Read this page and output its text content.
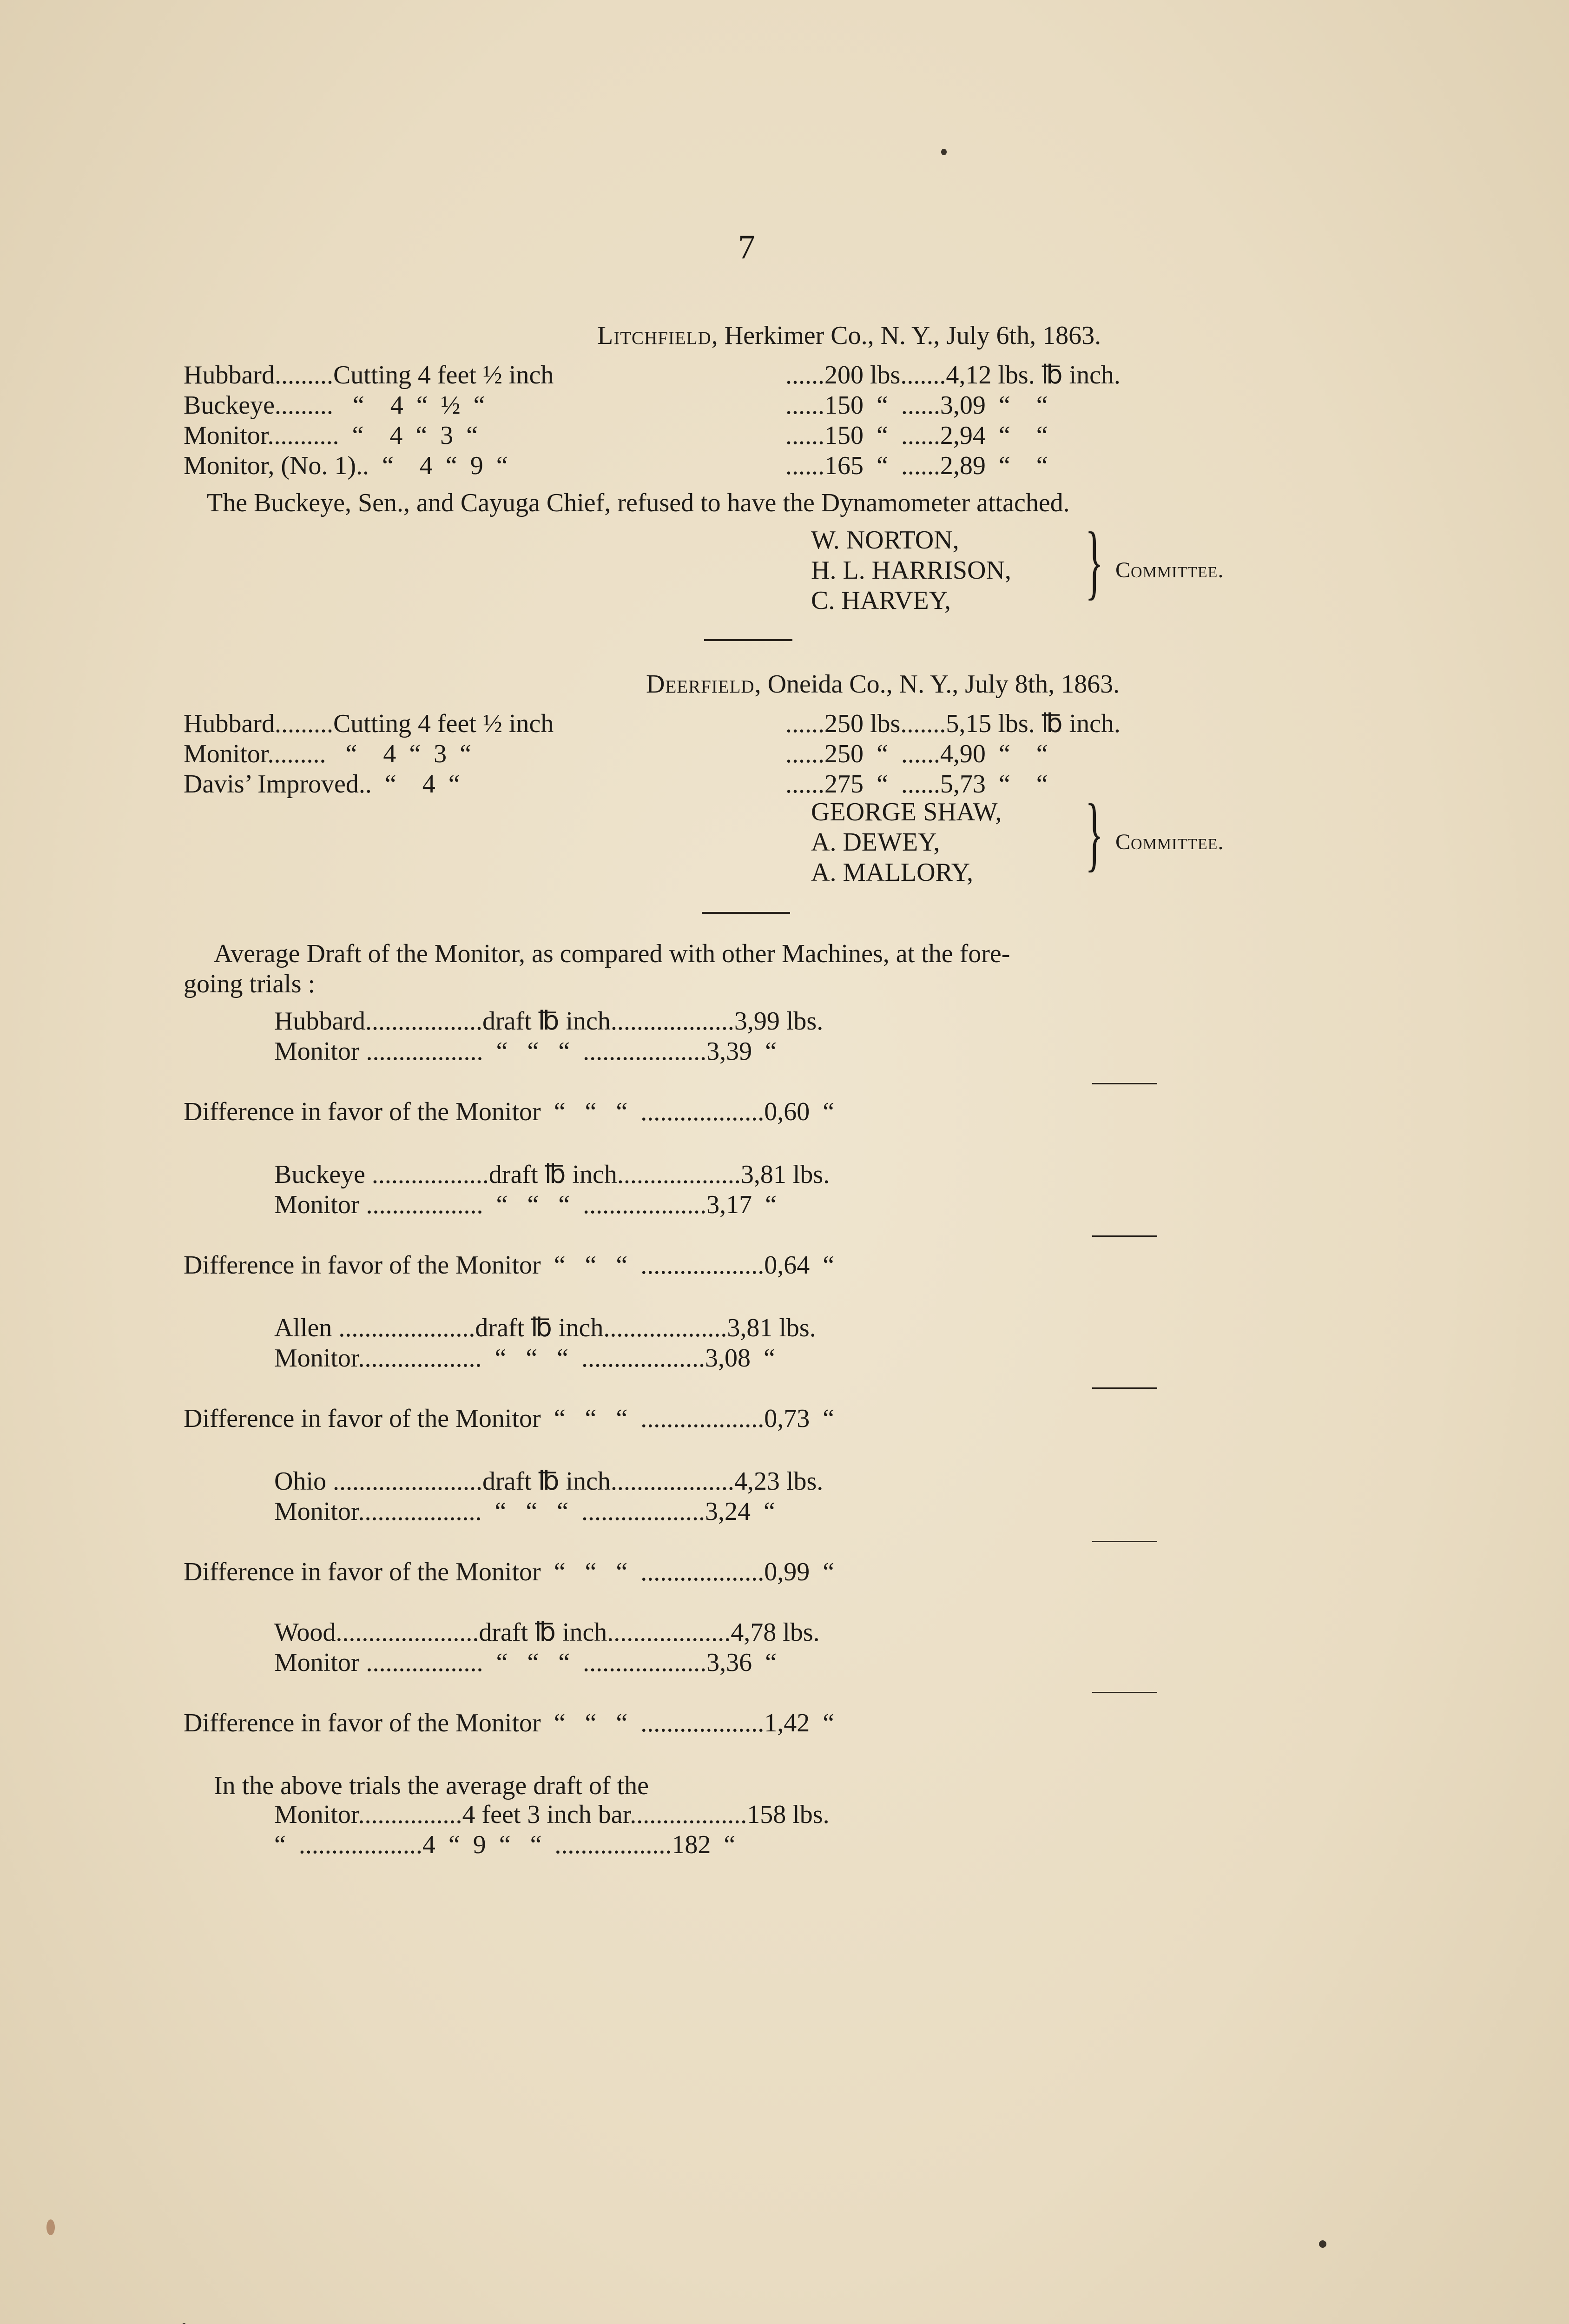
7
Litchfield, Herkimer Co., N. Y., July 6th, 1863.
Hubbard.........Cutting 4 feet ½ inch	......200 lbs.......4,12 lbs. ℔ inch.
Buckeye.........   “    4  “  ½  “	......150  “  ......3,09  “    “
Monitor...........  “    4  “  3  “	......150  “  ......2,94  “    “
Monitor, (No. 1)..  “    4  “  9  “	......165  “  ......2,89  “    “
The Buckeye, Sen., and Cayuga Chief, refused to have the Dynamometer attached.
W. NORTON,
H. L. HARRISON,
C. HARVEY, } Committee.
Deerfield, Oneida Co., N. Y., July 8th, 1863.
Hubbard.........Cutting 4 feet ½ inch	......250 lbs.......5,15 lbs. ℔ inch.
Monitor.........   “    4  “  3  “	......250  “  ......4,90  “    “
Davis’ Improved..  “    4  “	......275  “  ......5,73  “    “
GEORGE SHAW,
A. DEWEY,
A. MALLORY, } Committee.
Average Draft of the Monitor, as compared with other Machines, at the fore-
going trials :
Hubbard..................draft ℔ inch...................3,99 lbs.
Monitor ..................  “   “   “  ...................3,39  “
Difference in favor of the Monitor  “   “   “  ...................0,60  “
Buckeye ..................draft ℔ inch...................3,81 lbs.
Monitor ..................  “   “   “  ...................3,17  “
Difference in favor of the Monitor  “   “   “  ...................0,64  “
Allen .....................draft ℔ inch...................3,81 lbs.
Monitor...................  “   “   “  ...................3,08  “
Difference in favor of the Monitor  “   “   “  ...................0,73  “
Ohio .......................draft ℔ inch...................4,23 lbs.
Monitor...................  “   “   “  ...................3,24  “
Difference in favor of the Monitor  “   “   “  ...................0,99  “
Wood......................draft ℔ inch...................4,78 lbs.
Monitor ..................  “   “   “  ...................3,36  “
Difference in favor of the Monitor  “   “   “  ...................1,42  “
In the above trials the average draft of the
Monitor................4 feet 3 inch bar..................158 lbs.
“  ...................4  “  9  “   “  ..................182  “
